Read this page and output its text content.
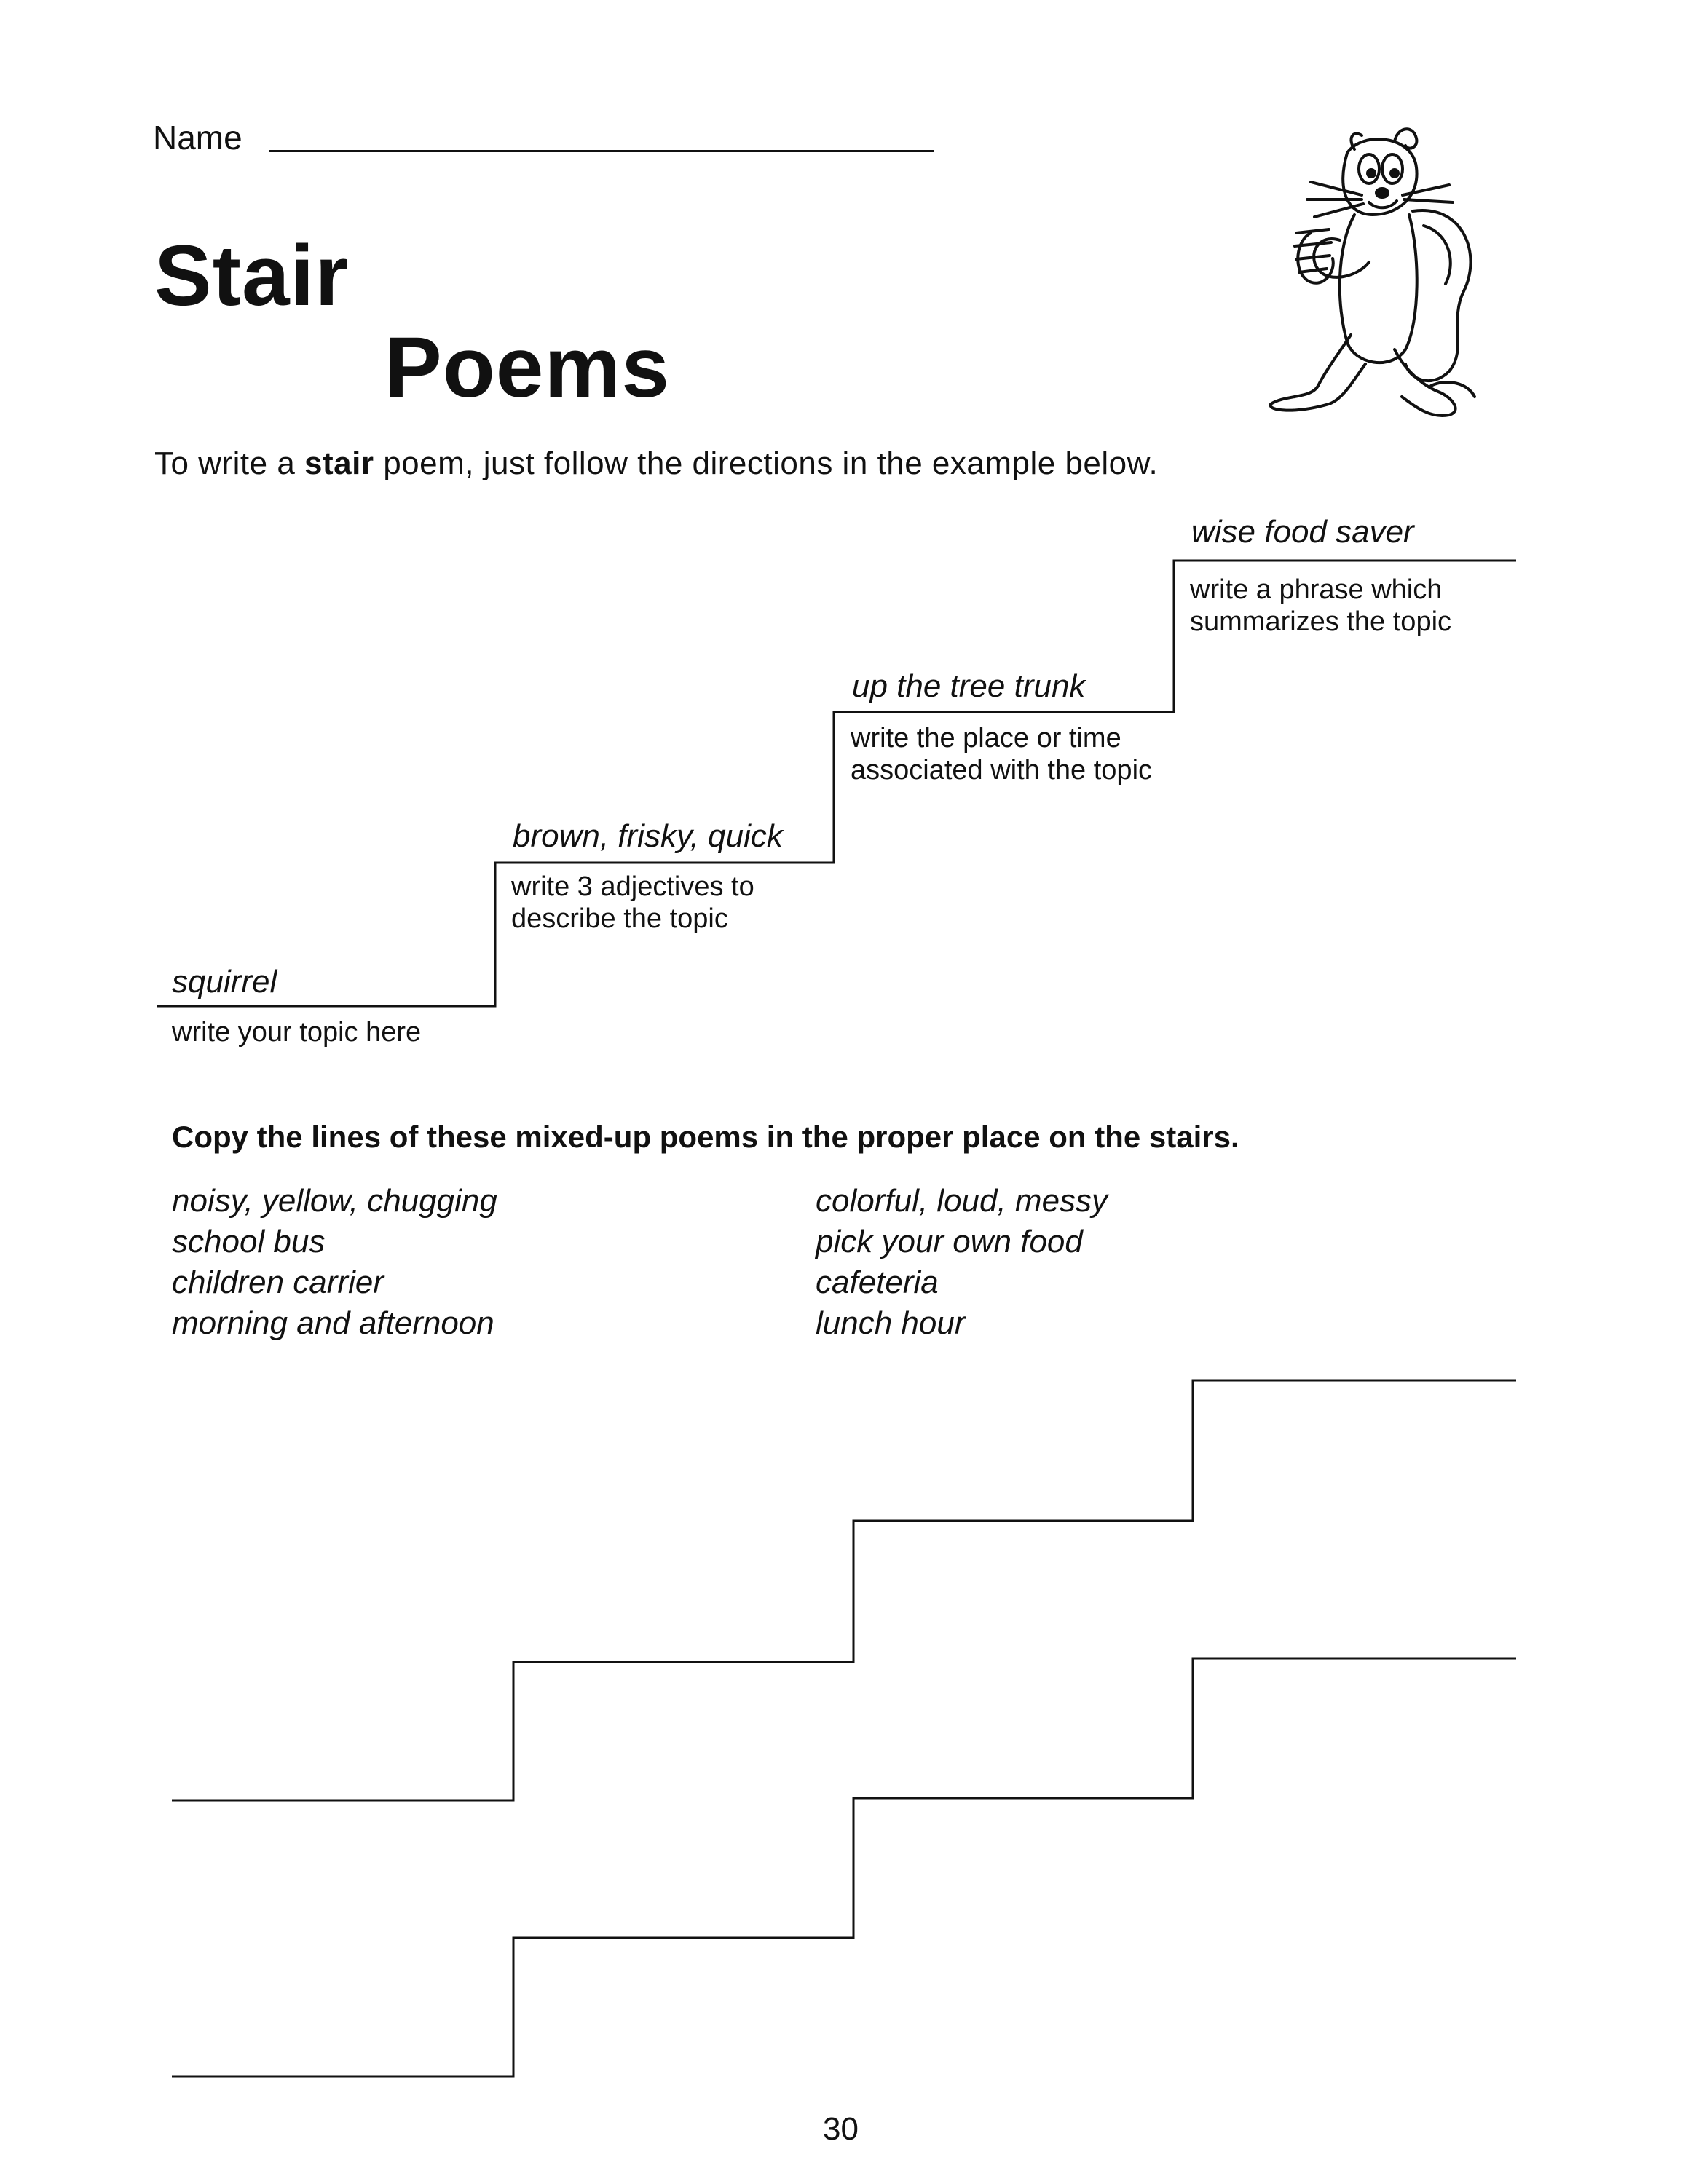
Name
Stair
Poems
To write a stair poem, just follow the directions in the example below.
squirrel
write your topic here
brown, frisky, quick
write 3 adjectives to describe the topic
up the tree trunk
write the place or time associated with the topic
wise food saver
write a phrase which summarizes the topic
Copy the lines of these mixed-up poems in the proper place on the stairs.
noisy, yellow, chugging
school bus
children carrier
morning and afternoon
colorful, loud, messy
pick your own food
cafeteria
lunch hour
30
